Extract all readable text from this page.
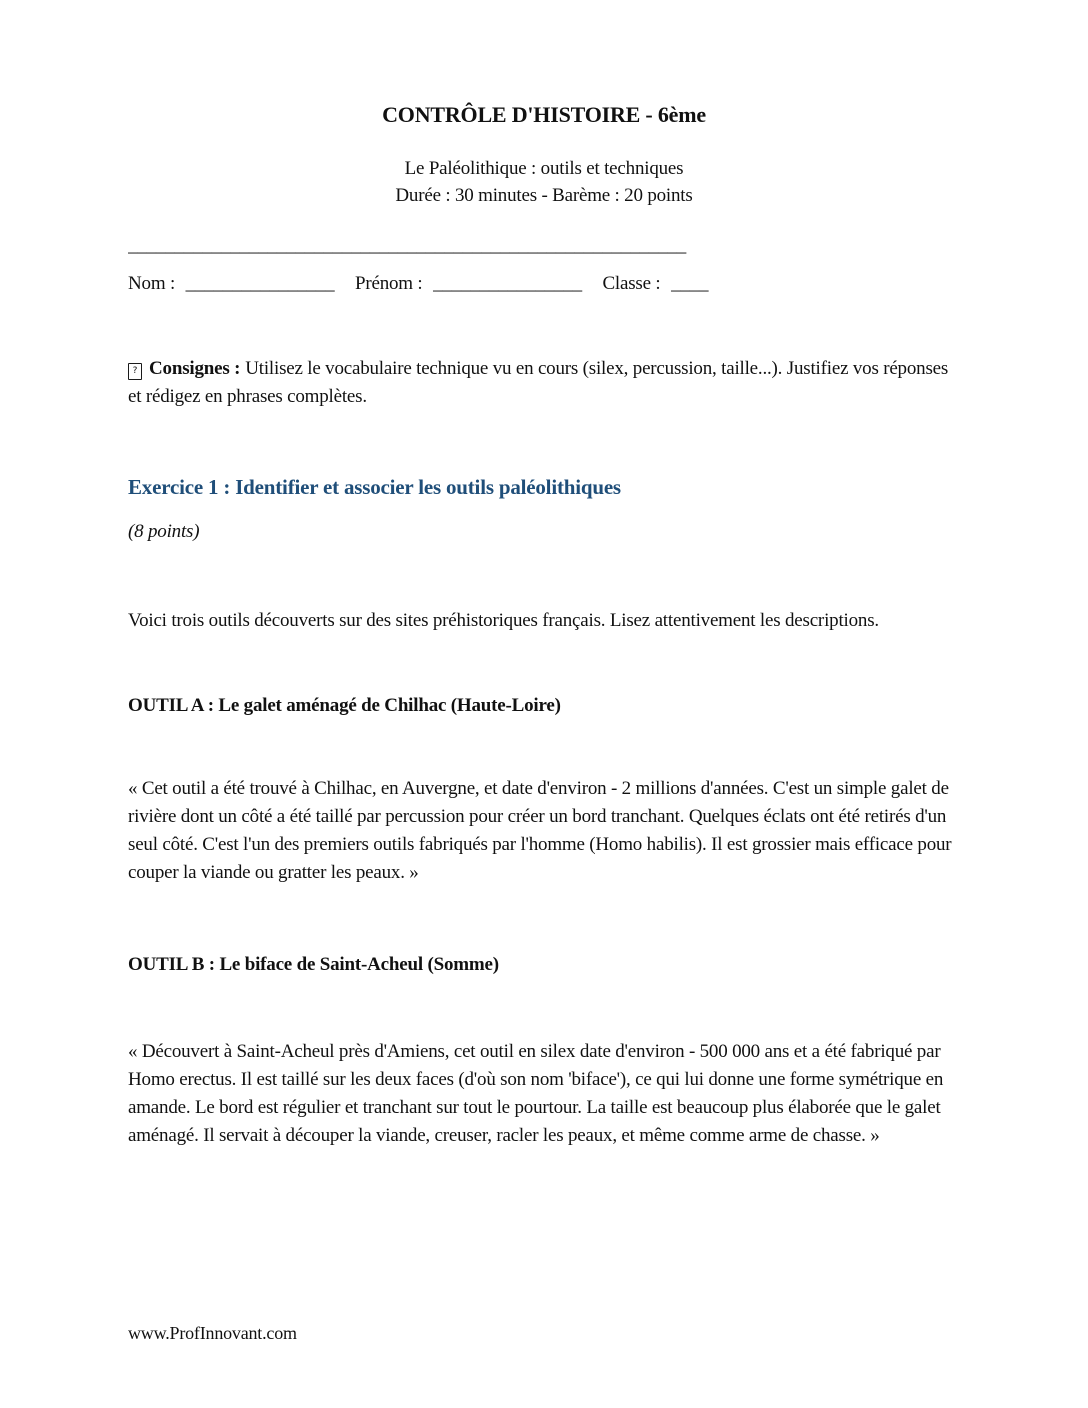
CONTRÔLE D'HISTOIRE - 6ème

Le Paléolithique : outils et techniques

Durée : 30 minutes - Barème : 20 points

____________________________________________________________

Nom : ________________ Prénom : ________________ Classe : ____

? Consignes : Utilisez le vocabulaire technique vu en cours (silex, percussion, taille...). Justifiez vos réponses et rédigez en phrases complètes.

Exercice 1 : Identifier et associer les outils paléolithiques

(8 points)

Voici trois outils découverts sur des sites préhistoriques français. Lisez attentivement les descriptions.

OUTIL A : Le galet aménagé de Chilhac (Haute-Loire)

« Cet outil a été trouvé à Chilhac, en Auvergne, et date d'environ - 2 millions d'années. C'est un simple galet de rivière dont un côté a été taillé par percussion pour créer un bord tranchant. Quelques éclats ont été retirés d'un seul côté. C'est l'un des premiers outils fabriqués par l'homme (Homo habilis). Il est grossier mais efficace pour couper la viande ou gratter les peaux. »

OUTIL B : Le biface de Saint-Acheul (Somme)

« Découvert à Saint-Acheul près d'Amiens, cet outil en silex date d'environ - 500 000 ans et a été fabriqué par Homo erectus. Il est taillé sur les deux faces (d'où son nom 'biface'), ce qui lui donne une forme symétrique en amande. Le bord est régulier et tranchant sur tout le pourtour. La taille est beaucoup plus élaborée que le galet aménagé. Il servait à découper la viande, creuser, racler les peaux, et même comme arme de chasse. »

www.ProfInnovant.com
